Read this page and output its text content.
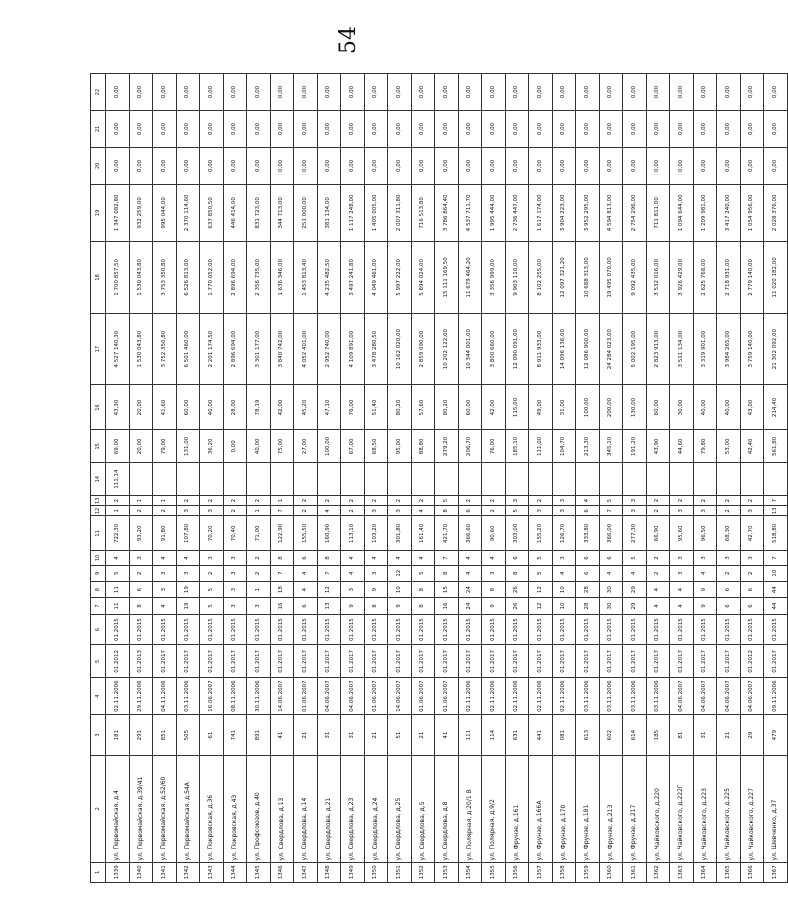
54
1	2	3	4	5	6	7	8	9	10	11	12	13	14	15	16	17	18	19	20	21	22
1339	ул. Первомайская, д.4	181	02.11.2006	01.2012	01.2015	11	11	5	4	722,30	1	2	111,14	69,00	43,30	4 527 140,30	1 700 857,50	1 347 082,80	0,00	0,00	0,00
1340	ул. Первомайская, д.39/41	291	29.11.2006	01.2013	01.2015	8	6	2	3	93,20	2	1		20,00	20,00	1 530 043,80	1 530 043,80	932 259,00	0,00	0,00	0,00
1341	ул. Первомайская, д.52/60	851	04.11.2006	01.2017	01.2015	4	3	3	4	91,80	2	1		79,00	41,60	3 752 350,80	3 753 350,80	995 044,00	0,00	0,00	0,00
1342	ул. Первомайская, д.54А	505	03.11.2006	01.2017	01.2015	19	19	3	4	107,80	3	2		131,00	60,00	6 501 460,00	6 526 813,00	2 370 114,60	0,00	0,00	0,00
1343	ул. Покровская, д.36	61	16.06.2007	01.2017	01.2015	5	5	2	3	70,20	3	2		36,20	40,00	2 201 174,50	1 770 052,00	637 850,50	0,00	0,00	0,00
1344	ул. Покровская, д.43	741	08.11.2006	01.2017	01.2015	3	3	3	3	70,40	2	2		0,00	28,00	2 896 694,00	2 896 694,00	446 414,00	0,00	0,00	0,00
1345	ул. Профсоюзов, д.40	891	30.11.2006	01.2017	01.2015	3	1	2	2	71,00	1	2		40,00	78,19	3 301 177,00	2 356 735,00	831 723,00	0,00	0,00	0,00
1346	ул. Свердлова, д.13	41	14.06.2007	01.2017	01.2015	16	18	7	8	122,90	7	1		75,00	42,00	3 840 742,00	1 636 346,00	344 713,00	0,00	0,00	0,00
1347	ул. Свердлова, д.14	21	01.06.2007	01.2017	01.2015	6	4	4	6	155,50	2	2		27,00	45,20	4 052 401,00	1 453 813,40	251 000,00	0,00	0,00	0,00
1348	ул. Свердлова, д.21	31	04.06.2007	01.2017	01.2015	13	12	7	8	160,90	4	2		100,00	47,10	2 952 740,00	4 235 482,50	381 134,00	0,00	0,00	0,00
1349	ул. Свердлова, д.23	31	04.06.2007	01.2017	01.2015	9	3	4	4	113,10	2	2		67,00	76,00	4 109 891,00	3 497 241,80	1 117 248,00	0,00	0,00	0,00
1350	ул. Свердлова, д.24	21	01.06.2007	01.2017	01.2015	8	9	3	4	103,20	3	2		68,50	51,40	3 478 280,50	4 049 461,00	1 405 005,00	0,00	0,00	0,00
1351	ул. Свердлова, д.25	51	14.06.2007	01.2017	01.2015	9	10	12	4	301,80	3	2		95,00	80,20	10 162 020,00	5 997 222,00	2 007 311,80	0,00	0,00	0,00
1352	ул. Свердлова, д.5	21	01.06.2007	01.2017	01.2015	8	8	5	4	161,40	4	2		88,80	57,60	2 859 090,00	5 894 024,00	716 513,80	0,00	0,00	0,00
1353	ул. Свердлова, д.8	41	01.06.2007	01.2017	01.2015	16	15	8	7	421,70	8	5		279,20	80,20	10 202 122,00	15 111 169,50	3 786 864,40	0,00	0,00	0,00
1354	ул. Полярная, д.20/1 В	111	02.11.2006	01.2017	01.2015	24	24	4	4	366,60	6	2		206,70	60,00	10 344 001,00	11 679 464,20	4 537 711,70	0,00	0,00	0,00
1355	ул. Полярная, д.9/2	114	02.11.2006	01.2017	01.2015	9	8	3	4	90,60	2	2		76,00	42,00	3 800 660,00	3 356 999,00	1 995 444,00	0,00	0,00	0,00
1356	ул. Фрунзе, д.161	631	02.11.2006	01.2017	01.2015	26	26	8	6	303,00	5	3		185,10	115,00	12 090 091,00	9 903 110,00	2 736 447,00	0,00	0,00	0,00
1357	ул. Фрунзе, д.166А	441	02.11.2006	01.2017	01.2015	12	12	5	5	155,20	3	2		111,00	49,00	8 911 933,00	8 102 255,00	1 617 174,00	0,00	0,00	0,00
1358	ул. Фрунзе, д.170	081	02.11.2006	01.2017	01.2015	10	10	4	3	126,70	3	3		104,70	31,00	14 096 136,00	12 097 321,20	3 904 223,00	0,00	0,00	0,00
1359	ул. Фрунзе, д.181	613	03.11.2006	01.2017	01.2015	28	28	6	6	333,80	6	4		213,30	100,00	12 086 900,00	10 688 313,00	3 952 295,00	0,00	0,00	0,00
1360	ул. Фрунзе, д.213	602	03.11.2006	01.2017	01.2015	30	30	4	6	366,00	7	5		345,10	200,00	24 284 023,00	19 495 070,00	4 594 813,00	0,00	0,00	0,00
1361	ул. Фрунзе, д.217	614	03.11.2006	01.2017	01.2015	29	29	4	5	277,30	3	3		191,20	130,00	5 002 195,00	9 092 435,00	2 754 296,00	0,00	0,00	0,00
1362	ул. Чайковского, д.220	185	03.11.2006	01.2017	01.2015	4	4	2	2	66,90	2	2		43,90	60,00	2 823 913,00	3 532 016,00	711 811,00	0,00	0,00	0,00
1363	ул. Чайковского, д.222Г	81	04.06.2007	01.2017	01.2015	4	4	3	3	95,60	3	2		44,60	30,00	3 511 134,00	3 926 429,00	1 094 644,00	0,00	0,00	0,00
1364	ул. Чайковского, д.223	31	04.06.2007	01.2017	01.2015	9	9	4	3	96,50	3	2		79,80	40,00	3 319 901,00	2 625 768,00	1 209 981,00	0,00	0,00	0,00
1365	ул. Чайковского, д.225	21	04.06.2007	01.2017	01.2015	6	6	2	3	68,30	2	2		53,00	40,00	3 984 265,00	2 718 931,00	3 417 240,00	0,00	0,00	0,00
1366	ул. Чайковского, д.227	29	04.06.2007	01.2012	01.2015	6	6	2	3	42,70	3	2		42,40	43,00	3 759 140,00	2 779 140,00	1 054 956,00	0,00	0,00	0,00
1367	ул. Шевченко, д.37	479	09.11.2006	01.2017	01.2015	44	44	10	7	518,80	13	7		561,80	214,40	21 302 092,00	11 020 182,00	2 028 376,00	0,00	0,00	0,00
